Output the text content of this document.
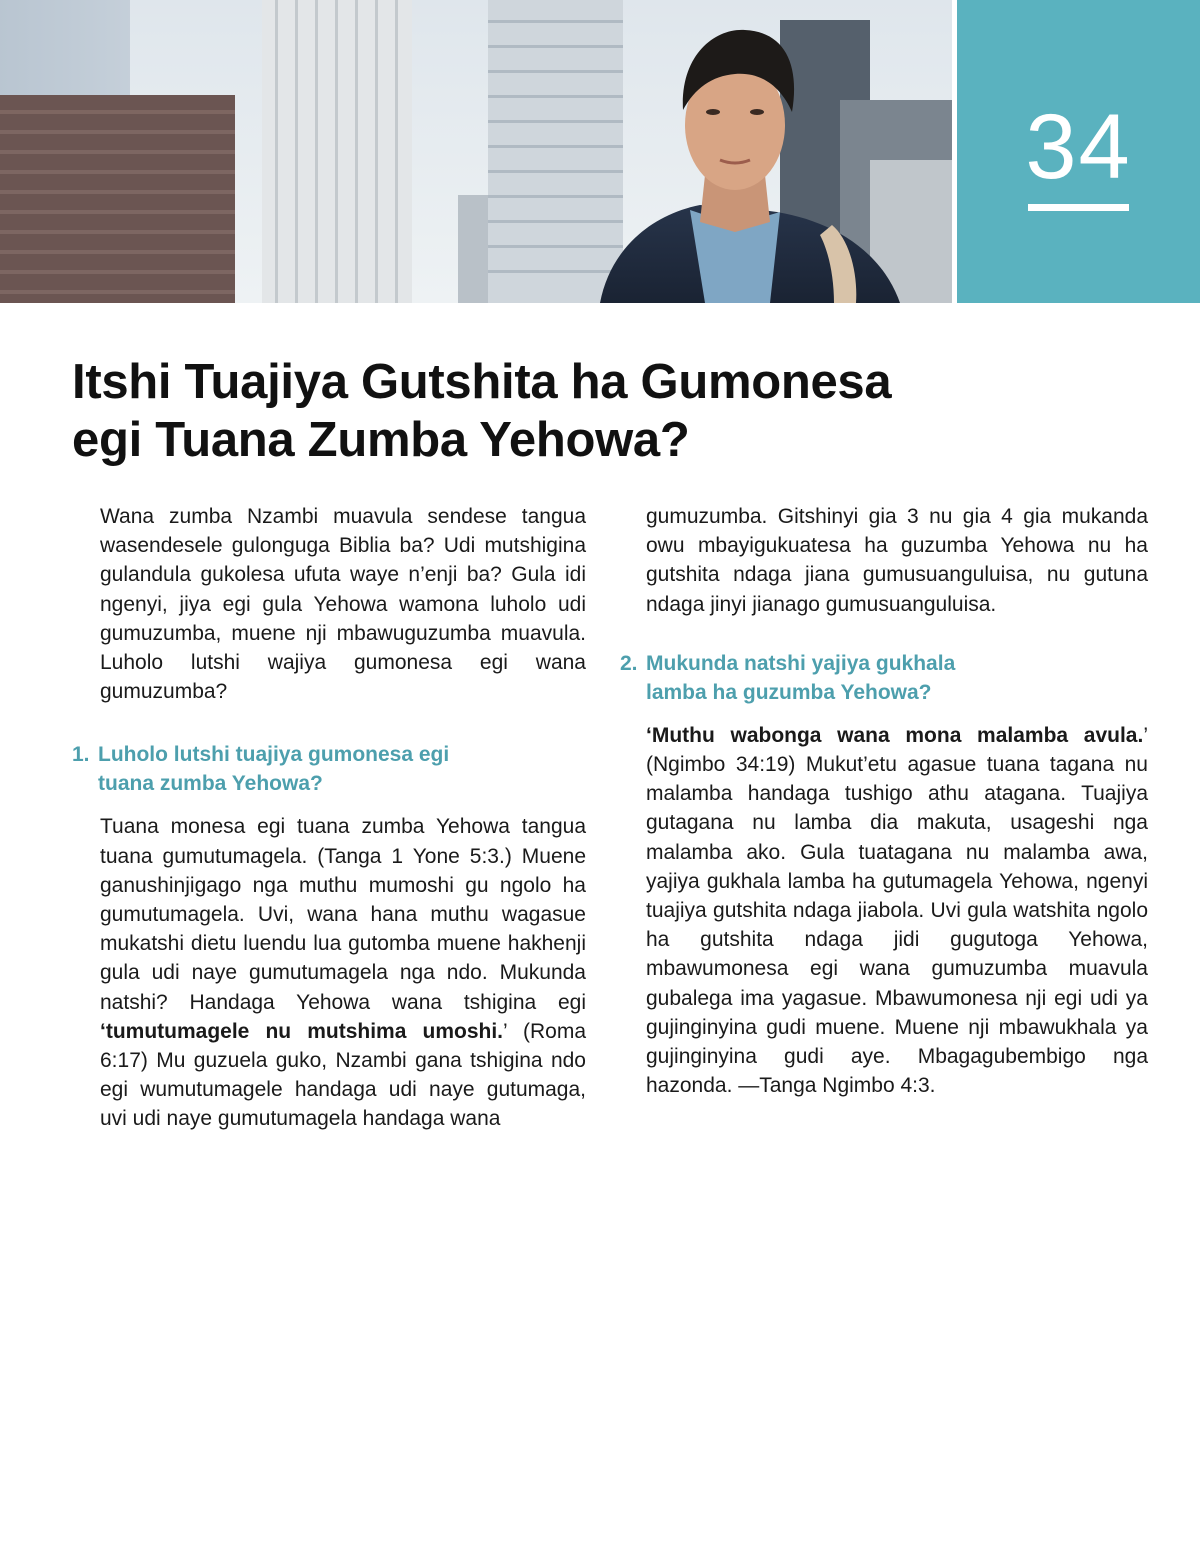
34
Itshi Tuajiya Gutshita ha Gumonesa
egi Tuana Zumba Yehowa?

Wana zumba Nzambi muavula sendese tangua wasendesele gulonguga Biblia ba? Udi mutshigina gulandula gukolesa ufuta waye n’enji ba? Gula idi ngenyi, jiya egi gula Yehowa wamona luholo udi gumuzumba, muene nji mbawuguzumba muavula. Luholo lutshi wajiya gumonesa egi wana gumuzumba?

1. Luholo lutshi tuajiya gumonesa egi
tuana zumba Yehowa?

Tuana monesa egi tuana zumba Yehowa tangua tuana gumutumagela. (Tanga 1 Yone 5:3.) Muene ganushinjigago nga muthu mumoshi gu ngolo ha gumutumagela. Uvi, wana hana muthu wagasue mukatshi dietu luendu lua gutomba muene hakhenji gula udi naye gumutumagela nga ndo. Mukunda natshi? Handaga Yehowa wana tshigina egi ‘tumutumagele nu mutshima umoshi.’ (Roma 6:17) Mu guzuela guko, Nzambi gana tshigina ndo egi wumutumagele handaga udi naye gutumaga, uvi udi naye gumutumagela handaga wana

gumuzumba. Gitshinyi gia 3 nu gia 4 gia mukanda owu mbayigukuatesa ha guzumba Yehowa nu ha gutshita ndaga jiana gumusuanguluisa, nu gutuna ndaga jinyi jianago gumusuanguluisa.

2. Mukunda natshi yajiya gukhala
lamba ha guzumba Yehowa?

‘Muthu wabonga wana mona malamba avula.’ (Ngimbo 34:19) Mukut’etu agasue tuana tagana nu malamba handaga tushigo athu atagana. Tuajiya gutagana nu lamba dia makuta, usageshi nga malamba ako. Gula tuatagana nu malamba awa, yajiya gukhala lamba ha gutumagela Yehowa, ngenyi tuajiya gutshita ndaga jiabola. Uvi gula watshita ngolo ha gutshita ndaga jidi gugutoga Yehowa, mbawumonesa egi wana gumuzumba muavula gubalega ima yagasue. Mbawumonesa nji egi udi ya gujinginyina gudi muene. Muene nji mbawukhala ya gujinginyina gudi aye. Mbagagubembigo nga hazonda. —Tanga Ngimbo 4:3.
